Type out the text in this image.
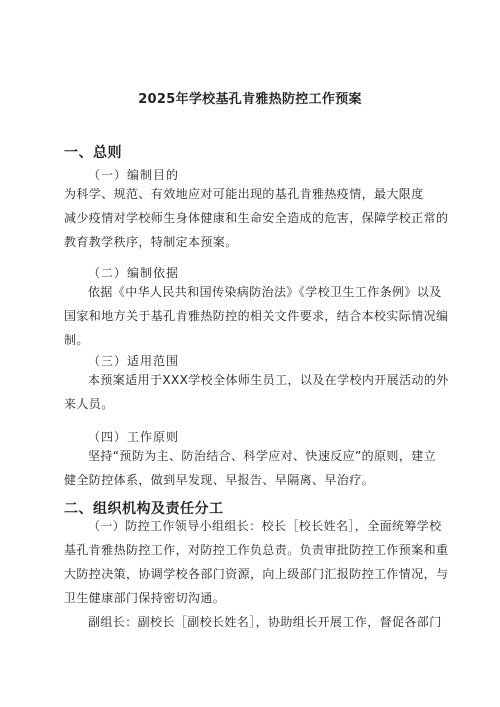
2025年学校基孔肯雅热防控工作预案
一、总则
（一）编制目的
为科学、规范、有效地应对可能出现的基孔肯雅热疫情，最大限度
减少疫情对学校师生身体健康和生命安全造成的危害，保障学校正常的
教育教学秩序，特制定本预案。
（二）编制依据
依据《中华人民共和国传染病防治法》《学校卫生工作条例》以及
国家和地方关于基孔肯雅热防控的相关文件要求，结合本校实际情况编
制。
（三）适用范围
本预案适用于XXX学校全体师生员工，以及在学校内开展活动的外
来人员。
（四）工作原则
坚持“预防为主、防治结合、科学应对、快速反应”的原则，建立
健全防控体系，做到早发现、早报告、早隔离、早治疗。
二、组织机构及责任分工
（一）防控工作领导小组组长：校长［校长姓名］，全面统筹学校
基孔肯雅热防控工作，对防控工作负总责。负责审批防控工作预案和重
大防控决策，协调学校各部门资源，向上级部门汇报防控工作情况，与
卫生健康部门保持密切沟通。
副组长：副校长［副校长姓名］，协助组长开展工作，督促各部门
